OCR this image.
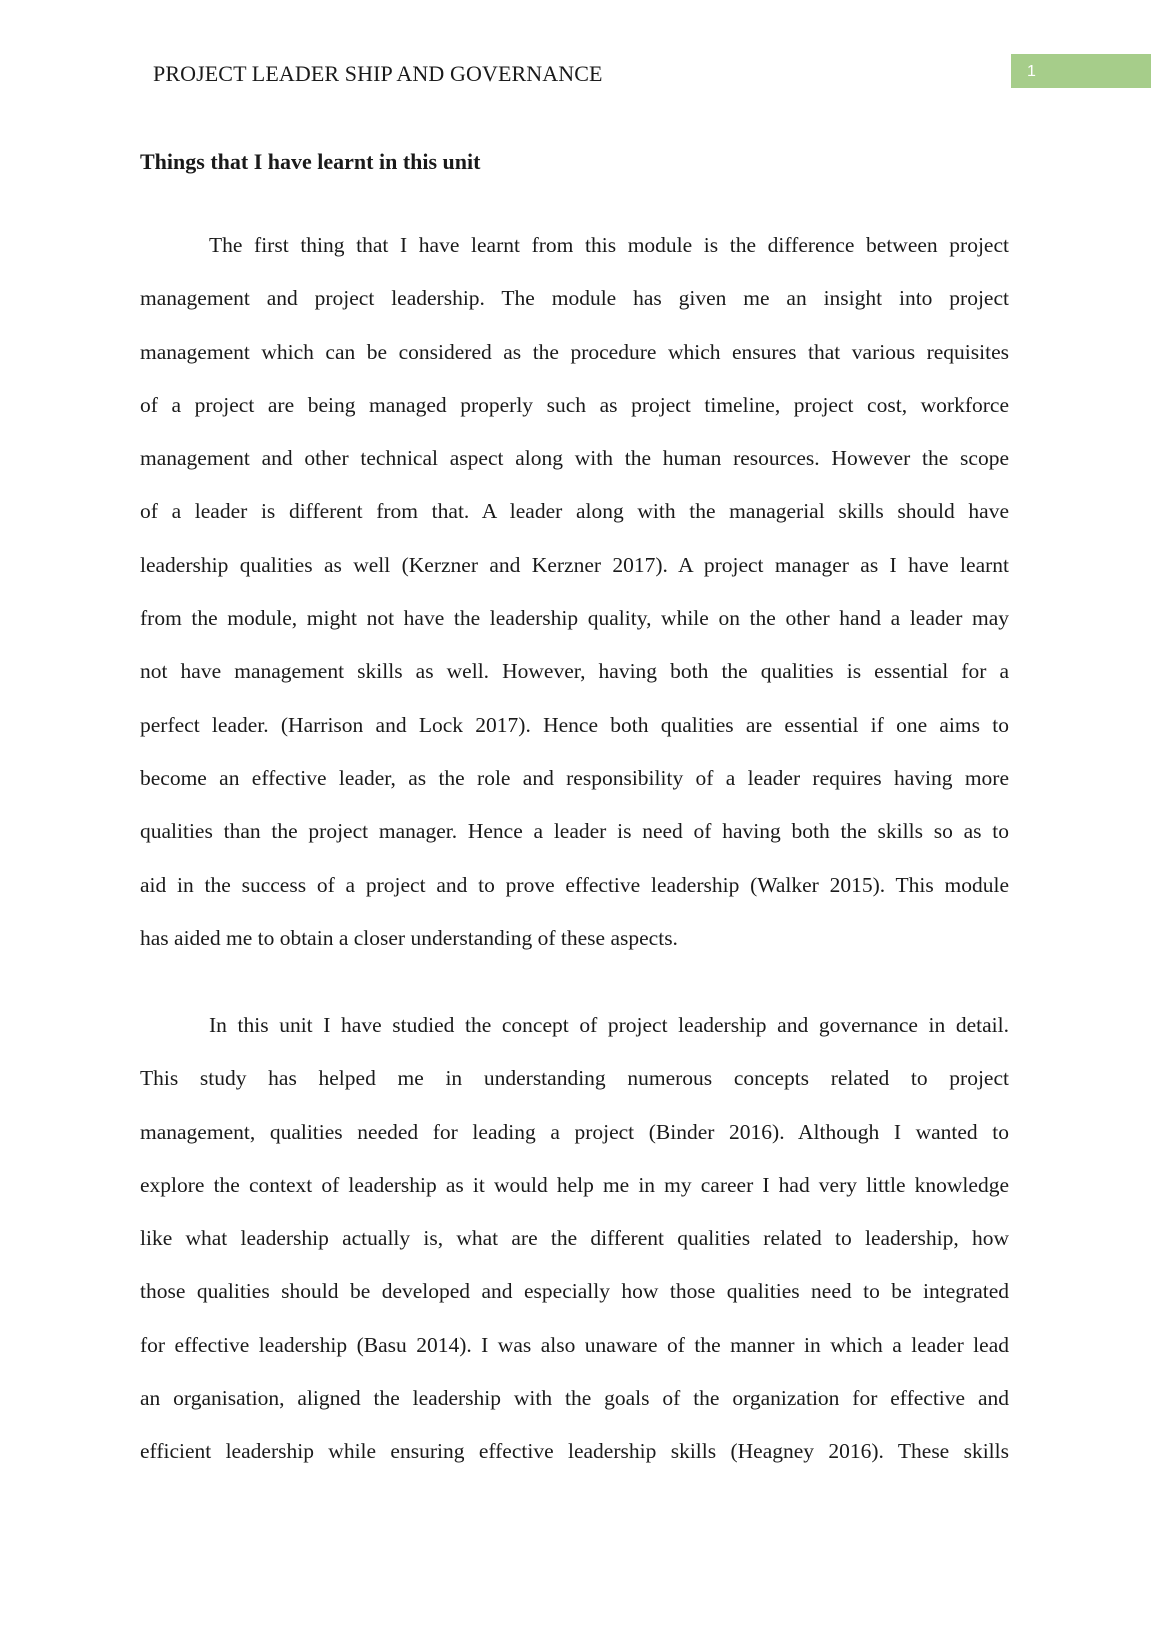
PROJECT LEADER SHIP AND GOVERNANCE	1
Things that I have learnt in this unit
The first thing that I have learnt from this module is the difference between project
management and project leadership. The module has given me an insight into project
management which can be considered as the procedure which ensures that various requisites
of a project are being managed properly such as project timeline, project cost, workforce
management and other technical aspect along with the human resources. However the scope
of a leader is different from that. A leader along with the managerial skills should have
leadership qualities as well (Kerzner and Kerzner 2017). A project manager as I have learnt
from the module, might not have the leadership quality, while on the other hand a leader may
not have management skills as well. However, having both the qualities is essential for a
perfect leader. (Harrison and Lock 2017). Hence both qualities are essential if one aims to
become an effective leader, as the role and responsibility of a leader requires having more
qualities than the project manager. Hence a leader is need of having both the skills so as to
aid in the success of a project and to prove effective leadership (Walker 2015). This module
has aided me to obtain a closer understanding of these aspects.
In this unit I have studied the concept of project leadership and governance in detail.
This study has helped me in understanding numerous concepts related to project
management, qualities needed for leading a project (Binder 2016). Although I wanted to
explore the context of leadership as it would help me in my career I had very little knowledge
like what leadership actually is, what are the different qualities related to leadership, how
those qualities should be developed and especially how those qualities need to be integrated
for effective leadership (Basu 2014). I was also unaware of the manner in which a leader lead
an organisation, aligned the leadership with the goals of the organization for effective and
efficient leadership while ensuring effective leadership skills (Heagney 2016). These skills
